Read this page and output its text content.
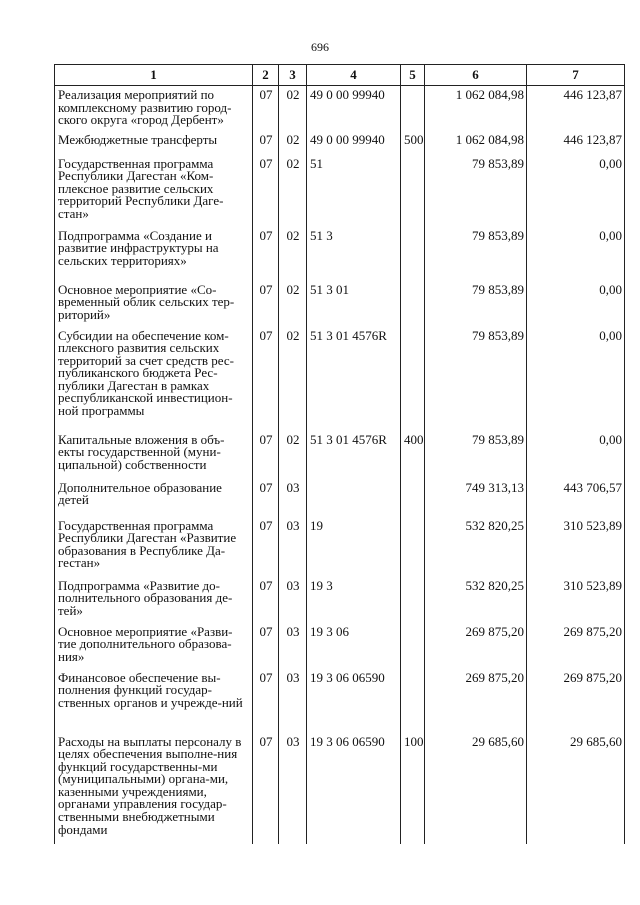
696
1	2	3	4	5	6	7
Реализация мероприятий по комплексному развитию город-ского округа «город Дербент»	07	02	49 0 00 99940		1 062 084,98	446 123,87
Межбюджетные трансферты	07	02	49 0 00 99940	500	1 062 084,98	446 123,87
Государственная программа Республики Дагестан «Ком-плексное развитие сельских территорий Республики Даге-стан»	07	02	51		79 853,89	0,00
Подпрограмма «Создание и развитие инфраструктуры на сельских территориях»	07	02	51 3		79 853,89	0,00
Основное мероприятие «Со-временный облик сельских тер-риторий»	07	02	51 3 01		79 853,89	0,00
Субсидии на обеспечение ком-плексного развития сельских территорий за счет средств рес-публиканского бюджета Рес-публики Дагестан в рамках республиканской инвестицион-ной программы	07	02	51 3 01 4576R		79 853,89	0,00
Капитальные вложения в объ-екты государственной (муни-ципальной) собственности	07	02	51 3 01 4576R	400	79 853,89	0,00
Дополнительное образование детей	07	03			749 313,13	443 706,57
Государственная программа Республики Дагестан «Развитие образования в Республике Да-гестан»	07	03	19		532 820,25	310 523,89
Подпрограмма «Развитие до-полнительного образования де-тей»	07	03	19 3		532 820,25	310 523,89
Основное мероприятие «Разви-тие дополнительного образова-ния»	07	03	19 3 06		269 875,20	269 875,20
Финансовое обеспечение вы-полнения функций государ-ственных органов и учрежде-ний	07	03	19 3 06 06590		269 875,20	269 875,20
Расходы на выплаты персоналу в целях обеспечения выполне-ния функций государственны-ми (муниципальными) органа-ми, казенными учреждениями, органами управления государ-ственными внебюджетными фондами	07	03	19 3 06 06590	100	29 685,60	29 685,60
